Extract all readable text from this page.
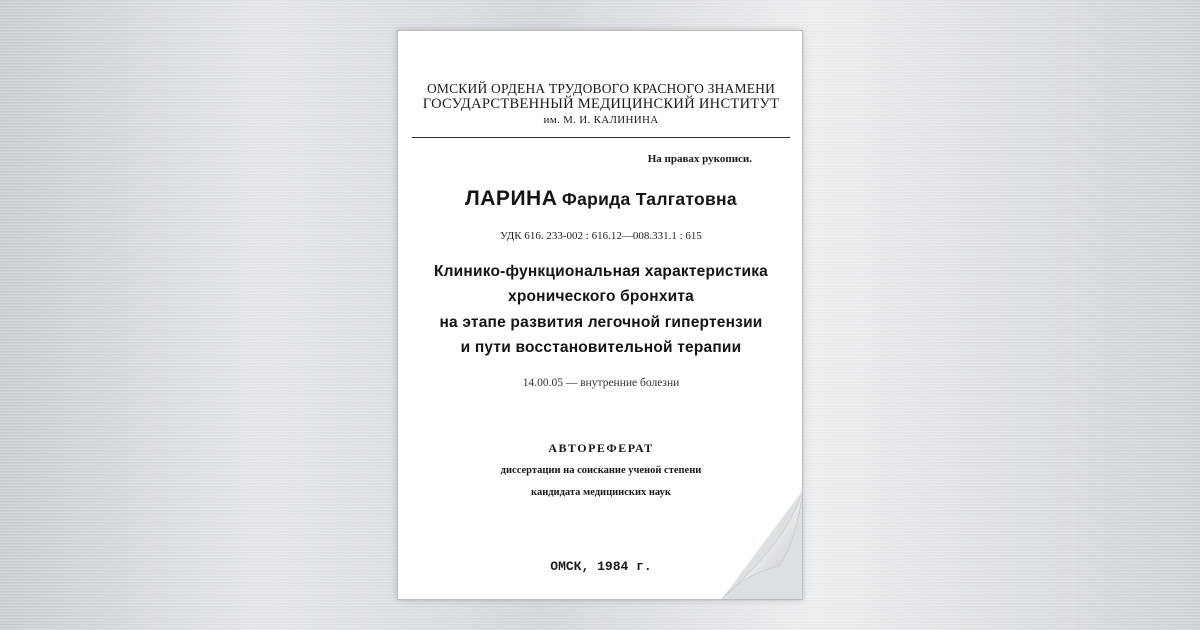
ОМСКИЙ ОРДЕНА ТРУДОВОГО КРАСНОГО ЗНАМЕНИ
ГОСУДАРСТВЕННЫЙ МЕДИЦИНСКИЙ ИНСТИТУТ
им. М. И. КАЛИНИНА
На правах рукописи.
ЛАРИНА Фарида Талгатовна
УДК 616. 233-002 : 616.12—008.331.1 : 615
Клинико-функциональная характеристика
хронического бронхита
на этапе развития легочной гипертензии
и пути восстановительной терапии
14.00.05 — внутренние болезни
АВТОРЕФЕРАТ
диссертации на соискание ученой степени
кандидата медицинских наук
ОМСК, 1984 г.
